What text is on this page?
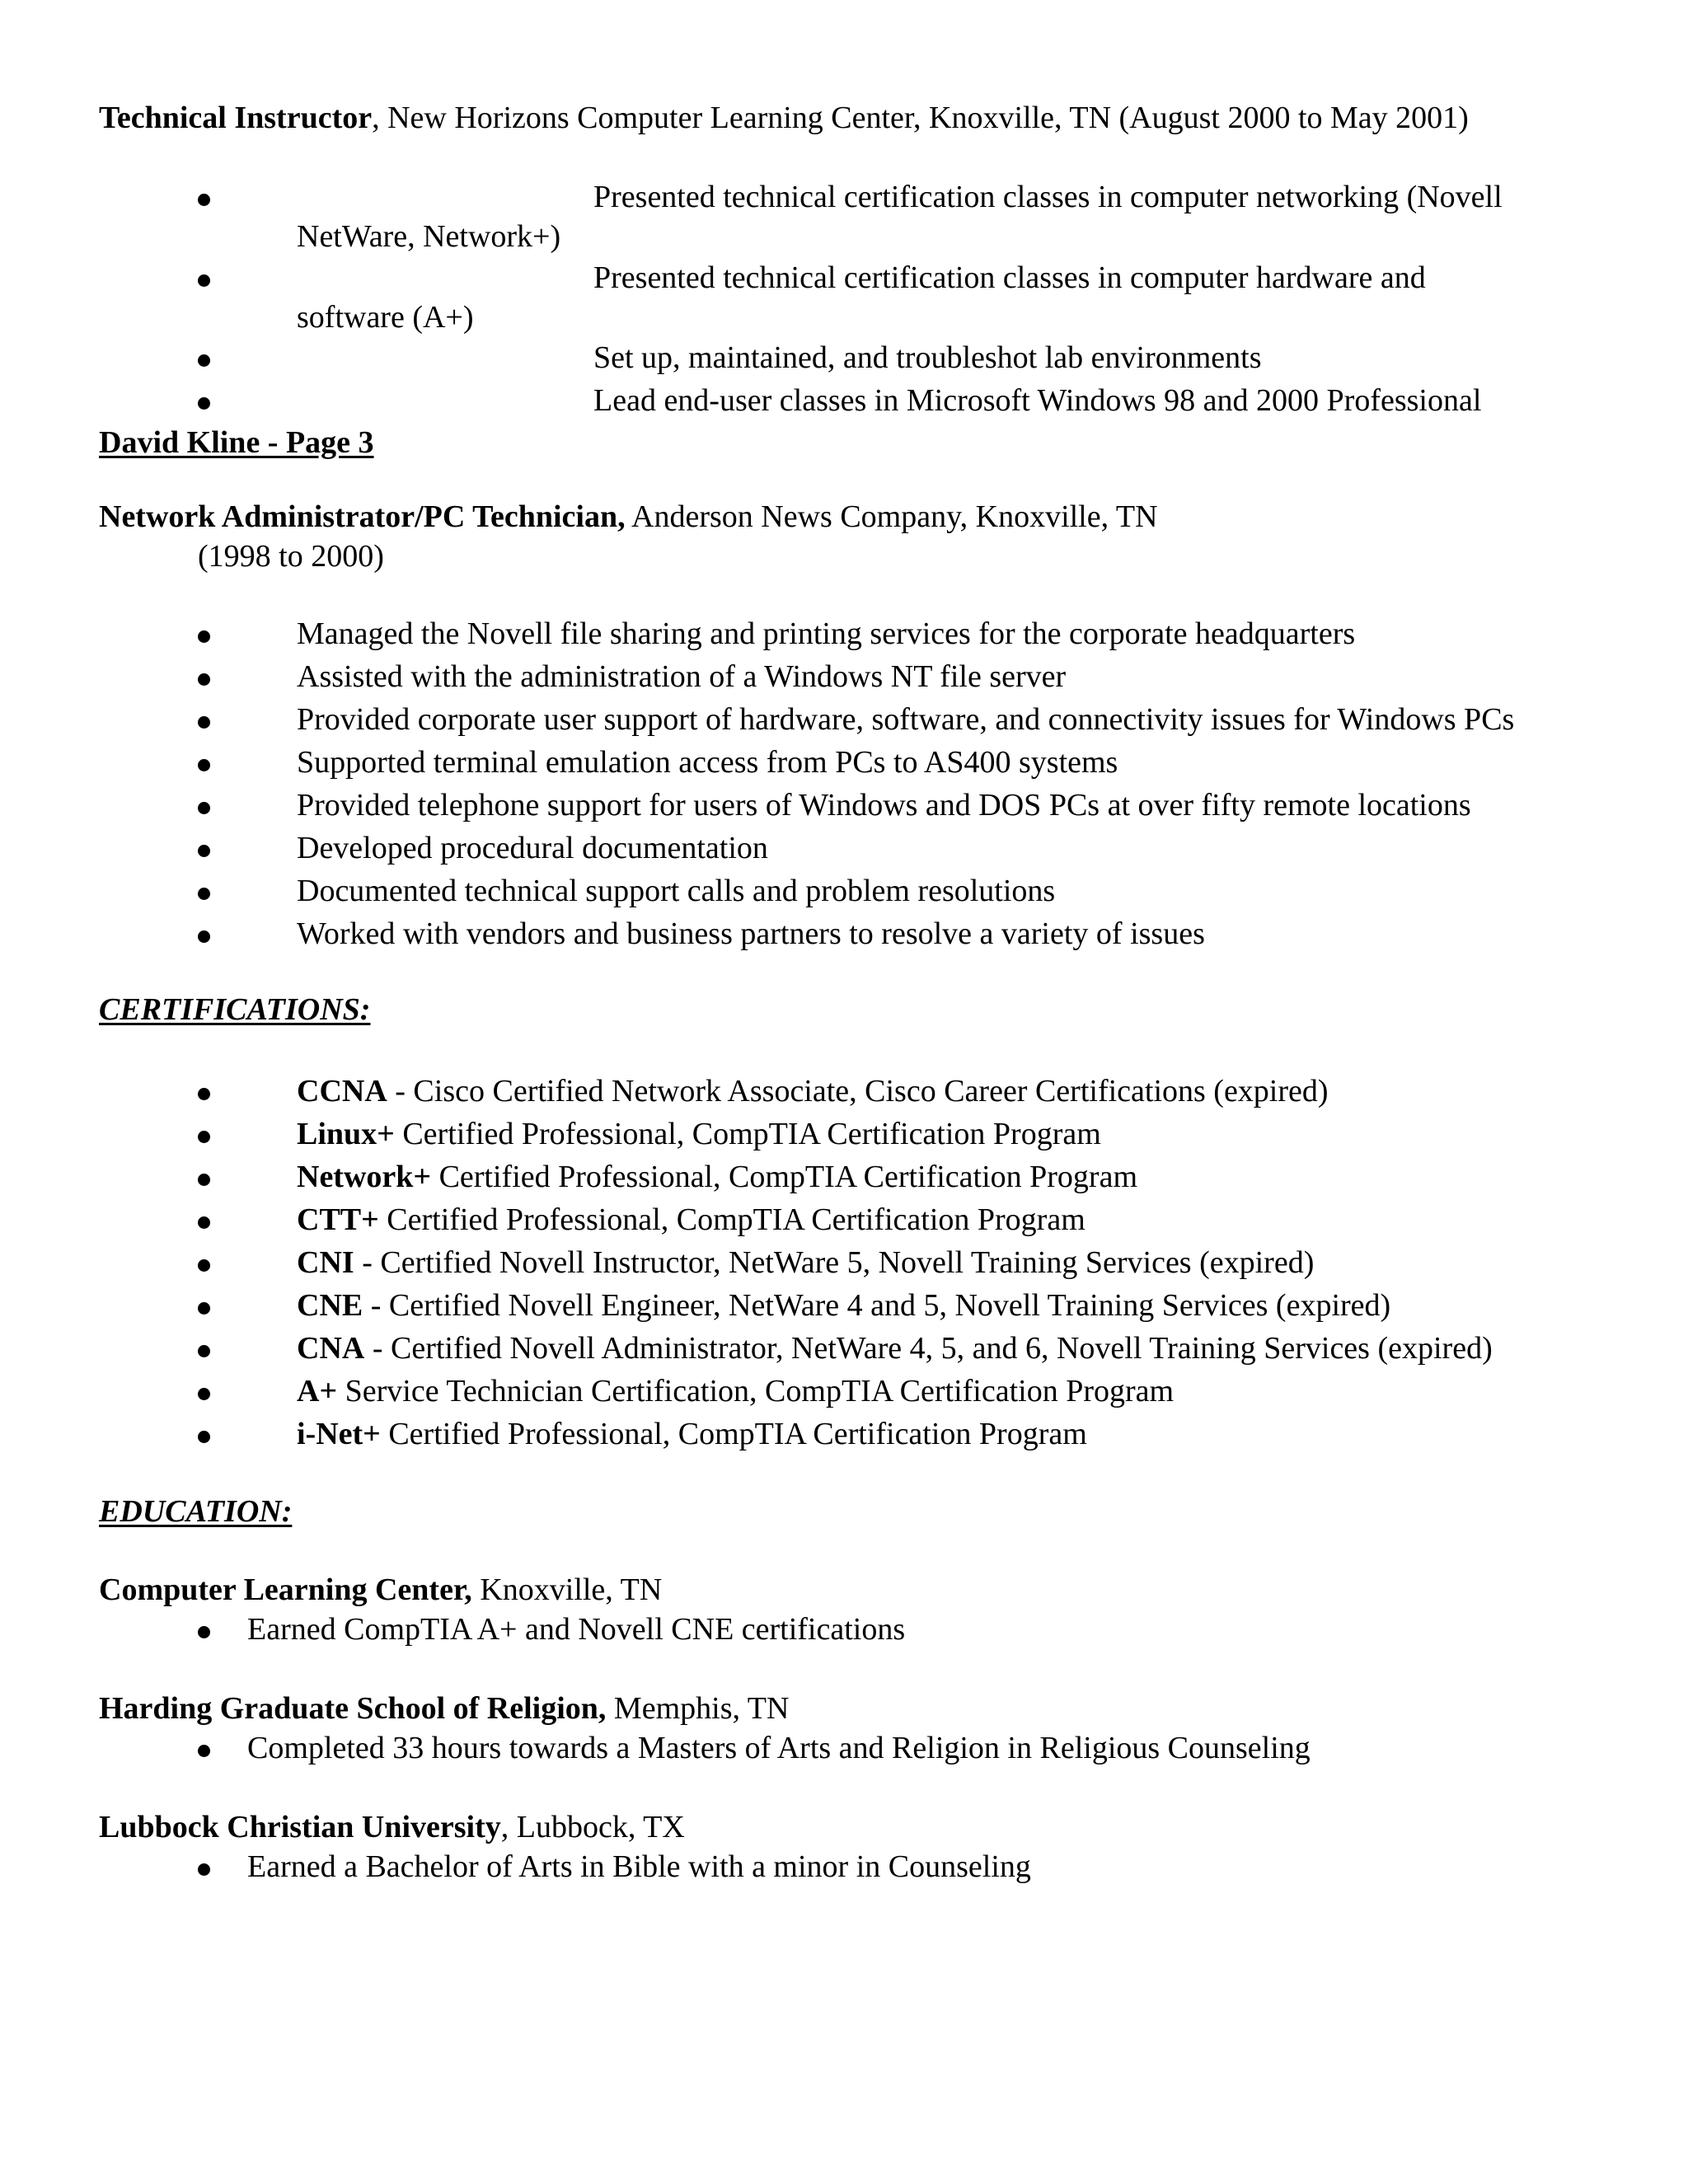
Technical Instructor, New Horizons Computer Learning Center, Knoxville, TN (August 2000 to May 2001)
Presented technical certification classes in computer networking (Novell
NetWare, Network+)
Presented technical certification classes in computer hardware and
software (A+)
Set up, maintained, and troubleshot lab environments
Lead end-user classes in Microsoft Windows 98 and 2000 Professional
David Kline - Page 3
Network Administrator/PC Technician, Anderson News Company, Knoxville, TN
(1998 to 2000)
Managed the Novell file sharing and printing services for the corporate headquarters
Assisted with the administration of a Windows NT file server
Provided corporate user support of hardware, software, and connectivity issues for Windows PCs
Supported terminal emulation access from PCs to AS400 systems
Provided telephone support for users of Windows and DOS PCs at over fifty remote locations
Developed procedural documentation
Documented technical support calls and problem resolutions
Worked with vendors and business partners to resolve a variety of issues
CERTIFICATIONS:
CCNA - Cisco Certified Network Associate, Cisco Career Certifications (expired)
Linux+ Certified Professional, CompTIA Certification Program
Network+ Certified Professional, CompTIA Certification Program
CTT+ Certified Professional, CompTIA Certification Program
CNI - Certified Novell Instructor, NetWare 5, Novell Training Services (expired)
CNE - Certified Novell Engineer, NetWare 4 and 5, Novell Training Services (expired)
CNA - Certified Novell Administrator, NetWare 4, 5, and 6, Novell Training Services (expired)
A+ Service Technician Certification, CompTIA Certification Program
i-Net+ Certified Professional, CompTIA Certification Program
EDUCATION:
Computer Learning Center, Knoxville, TN
Earned CompTIA A+ and Novell CNE certifications
Harding Graduate School of Religion, Memphis, TN
Completed 33 hours towards a Masters of Arts and Religion in Religious Counseling
Lubbock Christian University, Lubbock, TX
Earned a Bachelor of Arts in Bible with a minor in Counseling
